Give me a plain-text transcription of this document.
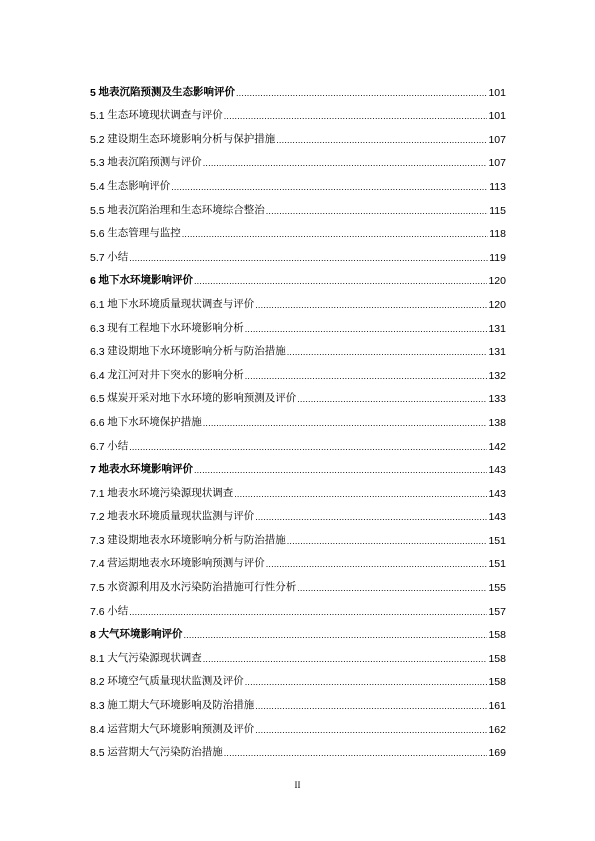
5
地表沉陷预测及生态影响评价 .....	101
5.1
生态环境现状调查与评价 .....	101
5.2
建设期生态环境影响分析与保护措施 .....	107
5.3
地表沉陷预测与评价 .....	107
5.4
生态影响评价 .....	113
5.5
地表沉陷治理和生态环境综合整治 .....	115
5.6
生态管理与监控 .....	118
5.7
小结 .....	119
6
地下水环境影响评价 .....	120
6.1
地下水环境质量现状调查与评价 .....	120
6.3
现有工程地下水环境影响分析 .....	131
6.3
建设期地下水环境影响分析与防治措施 .....	131
6.4
龙江河对井下突水的影响分析 .....	132
6.5
煤炭开采对地下水环境的影响预测及评价 .....	133
6.6
地下水环境保护措施 .....	138
6.7
小结 .....	142
7
地表水环境影响评价 .....	143
7.1
地表水环境污染源现状调查 .....	143
7.2
地表水环境质量现状监测与评价 .....	143
7.3
建设期地表水环境影响分析与防治措施 .....	151
7.4
营运期地表水环境影响预测与评价 .....	151
7.5
水资源利用及水污染防治措施可行性分析 .....	155
7.6
小结 .....	157
8
大气环境影响评价 .....	158
8.1
大气污染源现状调查 .....	158
8.2
环境空气质量现状监测及评价 .....	158
8.3
施工期大气环境影响及防治措施 .....	161
8.4
运营期大气环境影响预测及评价 .....	162
8.5
运营期大气污染防治措施 .....	169
II
